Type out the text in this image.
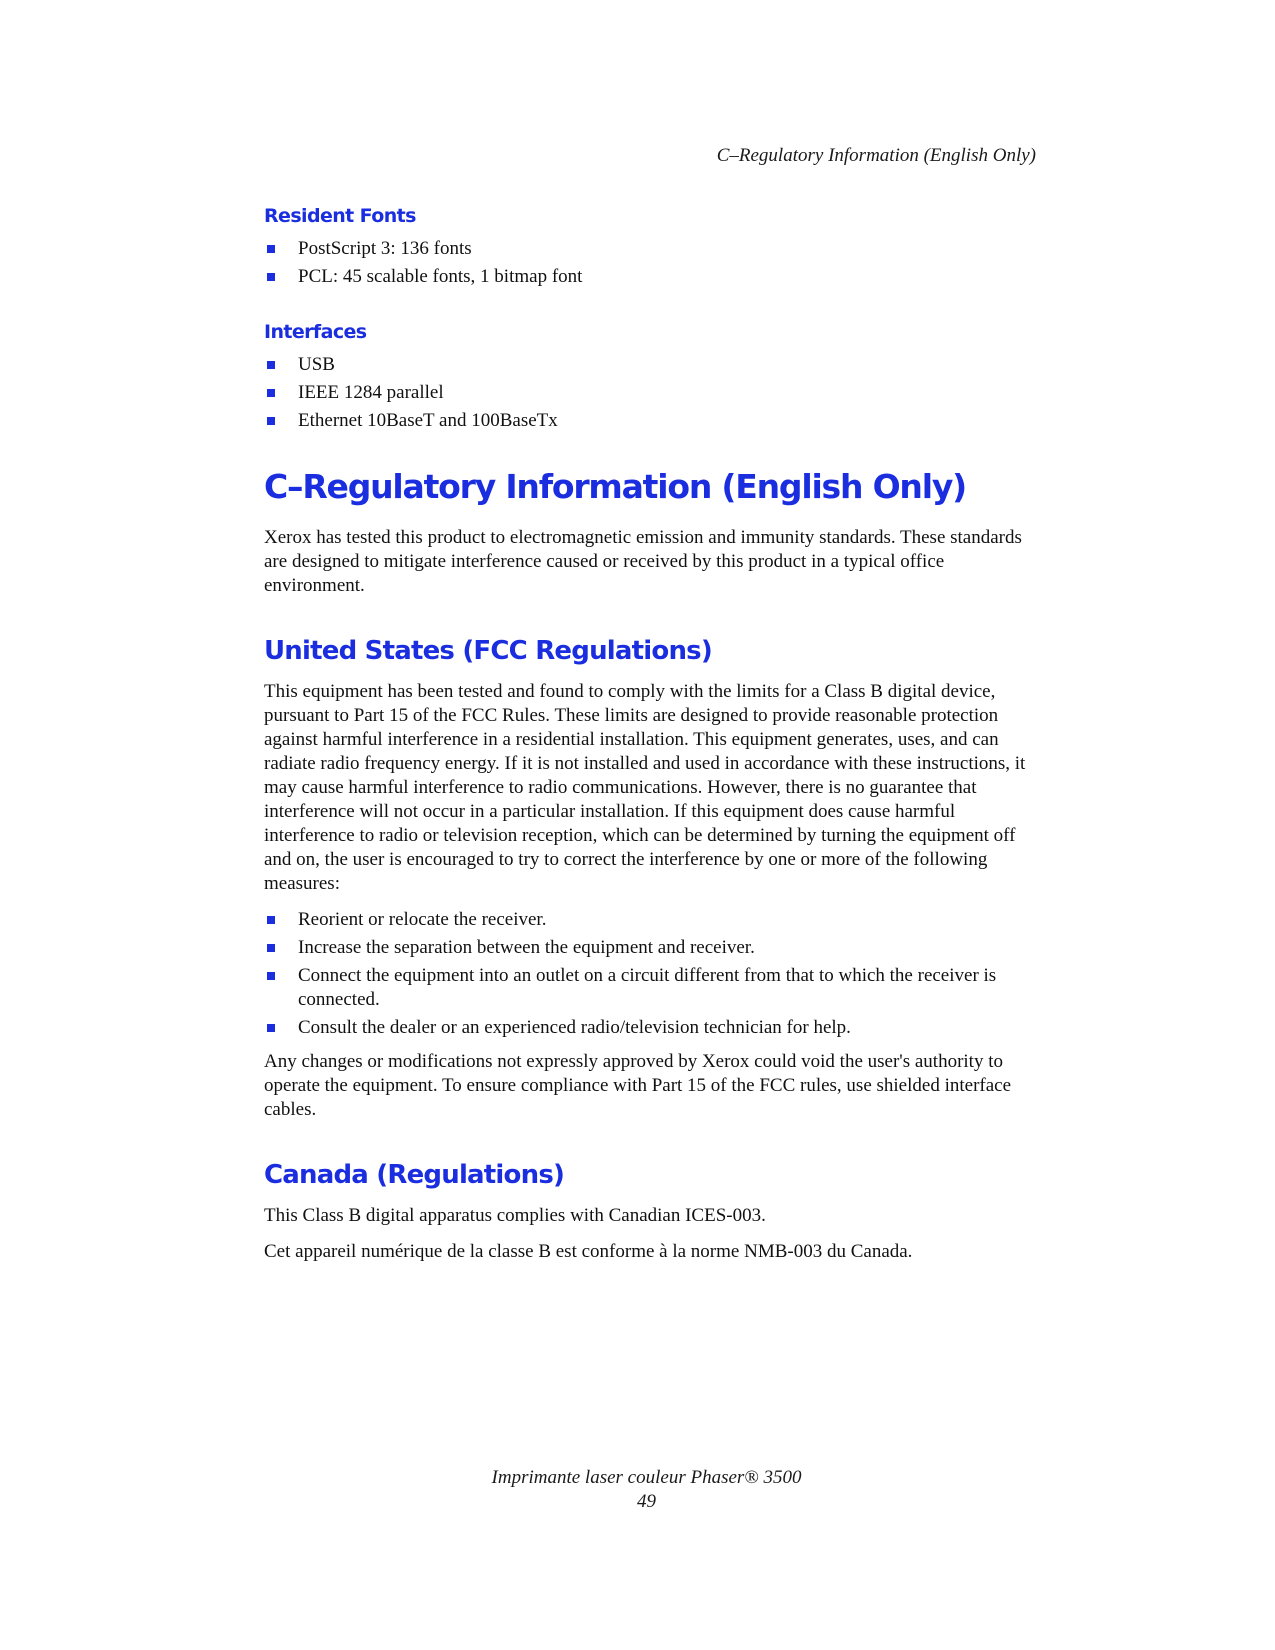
C–Regulatory Information (English Only)
Resident Fonts
PostScript 3: 136 fonts
PCL: 45 scalable fonts, 1 bitmap font
Interfaces
USB
IEEE 1284 parallel
Ethernet 10BaseT and 100BaseTx
C–Regulatory Information (English Only)

Xerox has tested this product to electromagnetic emission and immunity standards. These standards are designed to mitigate interference caused or received by this product in a typical office environment.

United States (FCC Regulations)

This equipment has been tested and found to comply with the limits for a Class B digital device, pursuant to Part 15 of the FCC Rules. These limits are designed to provide reasonable protection against harmful interference in a residential installation. This equipment generates, uses, and can radiate radio frequency energy. If it is not installed and used in accordance with these instructions, it may cause harmful interference to radio communications. However, there is no guarantee that interference will not occur in a particular installation. If this equipment does cause harmful interference to radio or television reception, which can be determined by turning the equipment off and on, the user is encouraged to try to correct the interference by one or more of the following measures:

Reorient or relocate the receiver.
Increase the separation between the equipment and receiver.
Connect the equipment into an outlet on a circuit different from that to which the receiver is connected.
Consult the dealer or an experienced radio/television technician for help.

Any changes or modifications not expressly approved by Xerox could void the user's authority to operate the equipment. To ensure compliance with Part 15 of the FCC rules, use shielded interface cables.

Canada (Regulations)

This Class B digital apparatus complies with Canadian ICES-003.

Cet appareil numérique de la classe B est conforme à la norme NMB-003 du Canada.

Imprimante laser couleur Phaser® 3500
49
